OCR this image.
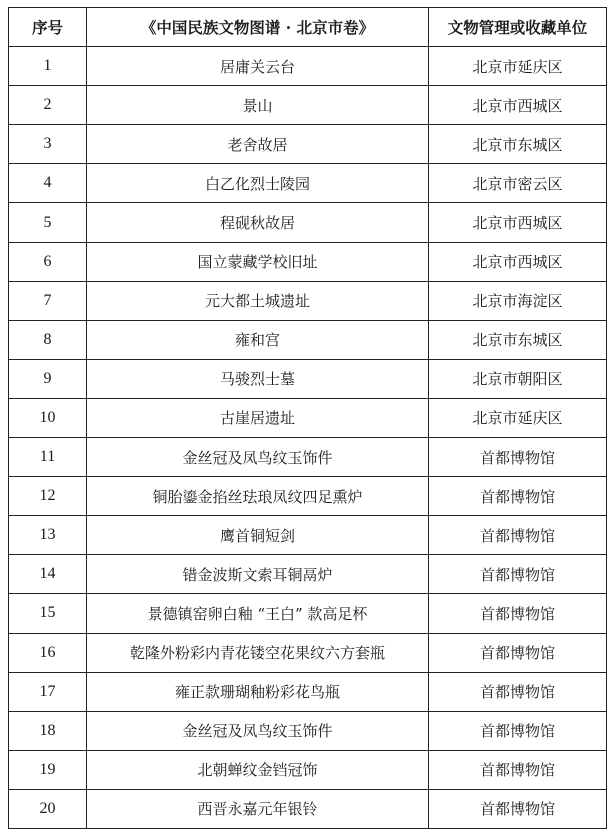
序号	《中国民族文物图谱 · 北京市卷》	文物管理或收藏单位
1	居庸关云台	北京市延庆区
2	景山	北京市西城区
3	老舍故居	北京市东城区
4	白乙化烈士陵园	北京市密云区
5	程砚秋故居	北京市西城区
6	国立蒙藏学校旧址	北京市西城区
7	元大都土城遗址	北京市海淀区
8	雍和宫	北京市东城区
9	马骏烈士墓	北京市朝阳区
10	古崖居遗址	北京市延庆区
11	金丝冠及凤鸟纹玉饰件	首都博物馆
12	铜胎鎏金掐丝珐琅凤纹四足熏炉	首都博物馆
13	鹰首铜短剑	首都博物馆
14	错金波斯文索耳铜鬲炉	首都博物馆
15	景德镇窑卵白釉 “王白” 款高足杯	首都博物馆
16	乾隆外粉彩内青花镂空花果纹六方套瓶	首都博物馆
17	雍正款珊瑚釉粉彩花鸟瓶	首都博物馆
18	金丝冠及凤鸟纹玉饰件	首都博物馆
19	北朝蝉纹金铛冠饰	首都博物馆
20	西晋永嘉元年银铃	首都博物馆
